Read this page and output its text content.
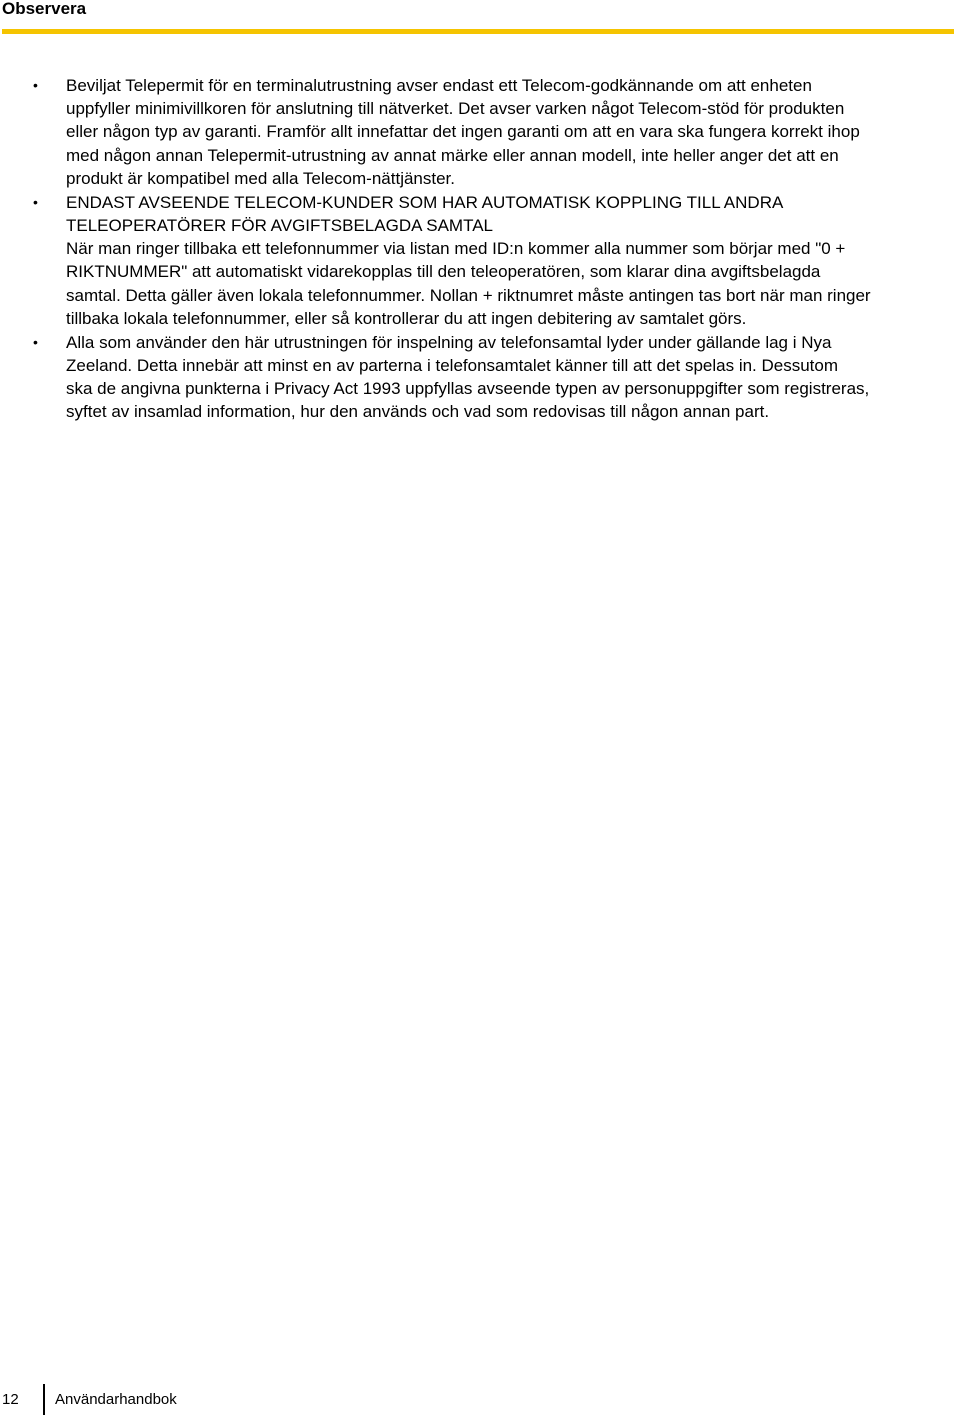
Observera
• Beviljat Telepermit för en terminalutrustning avser endast ett Telecom-godkännande om att enheten
uppfyller minimivillkoren för anslutning till nätverket. Det avser varken något Telecom-stöd för produkten
eller någon typ av garanti. Framför allt innefattar det ingen garanti om att en vara ska fungera korrekt ihop
med någon annan Telepermit-utrustning av annat märke eller annan modell, inte heller anger det att en
produkt är kompatibel med alla Telecom-nättjänster.
• ENDAST AVSEENDE TELECOM-KUNDER SOM HAR AUTOMATISK KOPPLING TILL ANDRA
TELEOPERATÖRER FÖR AVGIFTSBELAGDA SAMTAL
När man ringer tillbaka ett telefonnummer via listan med ID:n kommer alla nummer som börjar med "0 +
RIKTNUMMER" att automatiskt vidarekopplas till den teleoperatören, som klarar dina avgiftsbelagda
samtal. Detta gäller även lokala telefonnummer. Nollan + riktnumret måste antingen tas bort när man ringer
tillbaka lokala telefonnummer, eller så kontrollerar du att ingen debitering av samtalet görs.
• Alla som använder den här utrustningen för inspelning av telefonsamtal lyder under gällande lag i Nya
Zeeland. Detta innebär att minst en av parterna i telefonsamtalet känner till att det spelas in. Dessutom
ska de angivna punkterna i Privacy Act 1993 uppfyllas avseende typen av personuppgifter som registreras,
syftet av insamlad information, hur den används och vad som redovisas till någon annan part.
12 Användarhandbok
